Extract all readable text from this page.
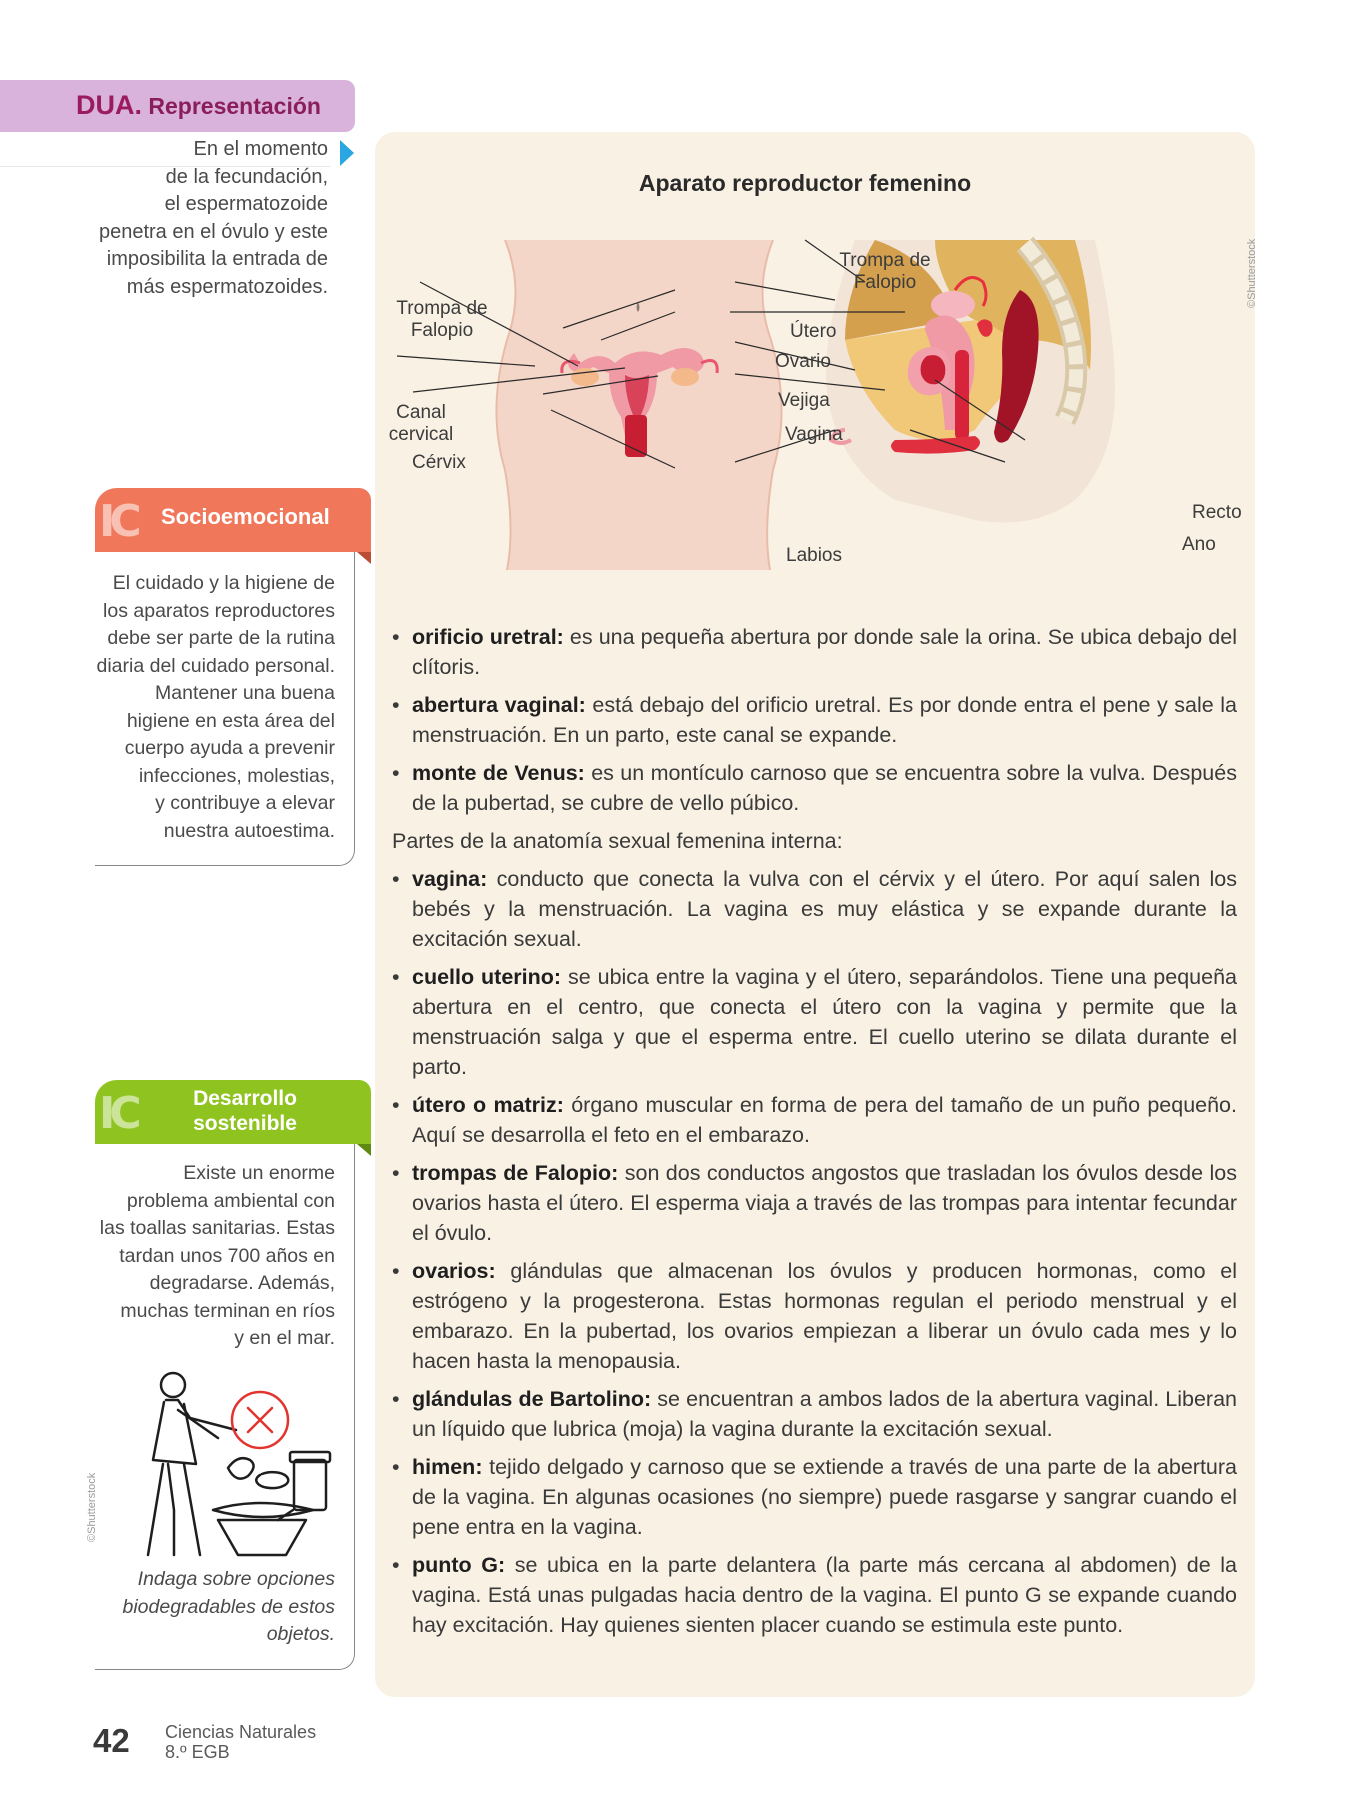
DUA. Representación
En el momento
de la fecundación,
el espermatozoide
penetra en el óvulo y este
imposibilita la entrada de
más espermatozoides.
IC Socioemocional
El cuidado y la higiene de
los aparatos reproductores
debe ser parte de la rutina
diaria del cuidado personal.
Mantener una buena
higiene en esta área del
cuerpo ayuda a prevenir
infecciones, molestias,
y contribuye a elevar
nuestra autoestima.
IC	Desarrollo
sostenible
Existe un enorme
problema ambiental con
las toallas sanitarias. Estas
tardan unos 700 años en
degradarse. Además,
muchas terminan en ríos
y en el mar.
©Shutterstock
Indaga sobre opciones
biodegradables de estos
objetos.
Aparato reproductor femenino
©Shutterstock
Trompa de
Falopio
Canal
cervical
Cérvix
Útero
Ovario
Vejiga
Vagina
Labios
Trompa de
Falopio
Recto
Ano
• orificio uretral: es una pequeña abertura por donde sale la orina. Se ubica debajo del clítoris.
• abertura vaginal: está debajo del orificio uretral. Es por donde entra el pene y sale la menstruación. En un parto, este canal se expande.
• monte de Venus: es un montículo carnoso que se encuentra sobre la vulva. Después de la pubertad, se cubre de vello púbico.
Partes de la anatomía sexual femenina interna:
• vagina: conducto que conecta la vulva con el cérvix y el útero. Por aquí salen los bebés y la menstruación. La vagina es muy elástica y se expande durante la excitación sexual.
• cuello uterino: se ubica entre la vagina y el útero, separándolos. Tiene una pequeña abertura en el centro, que conecta el útero con la vagina y permite que la menstruación salga y que el esperma entre. El cuello uterino se dilata durante el parto.
• útero o matriz: órgano muscular en forma de pera del tamaño de un puño pequeño. Aquí se desarrolla el feto en el embarazo.
• trompas de Falopio: son dos conductos angostos que trasladan los óvulos desde los ovarios hasta el útero. El esperma viaja a través de las trompas para intentar fecundar el óvulo.
• ovarios: glándulas que almacenan los óvulos y producen hormonas, como el estrógeno y la progesterona. Estas hormonas regulan el periodo menstrual y el embarazo. En la pubertad, los ovarios empiezan a liberar un óvulo cada mes y lo hacen hasta la menopausia.
• glándulas de Bartolino: se encuentran a ambos lados de la abertura vaginal. Liberan un líquido que lubrica (moja) la vagina durante la excitación sexual.
• himen: tejido delgado y carnoso que se extiende a través de una parte de la abertura de la vagina. En algunas ocasiones (no siempre) puede rasgarse y sangrar cuando el pene entra en la vagina.
• punto G: se ubica en la parte delantera (la parte más cercana al abdomen) de la vagina. Está unas pulgadas hacia dentro de la vagina. El punto G se expande cuando hay excitación. Hay quienes sienten placer cuando se estimula este punto.
42 Ciencias Naturales
8.º EGB
